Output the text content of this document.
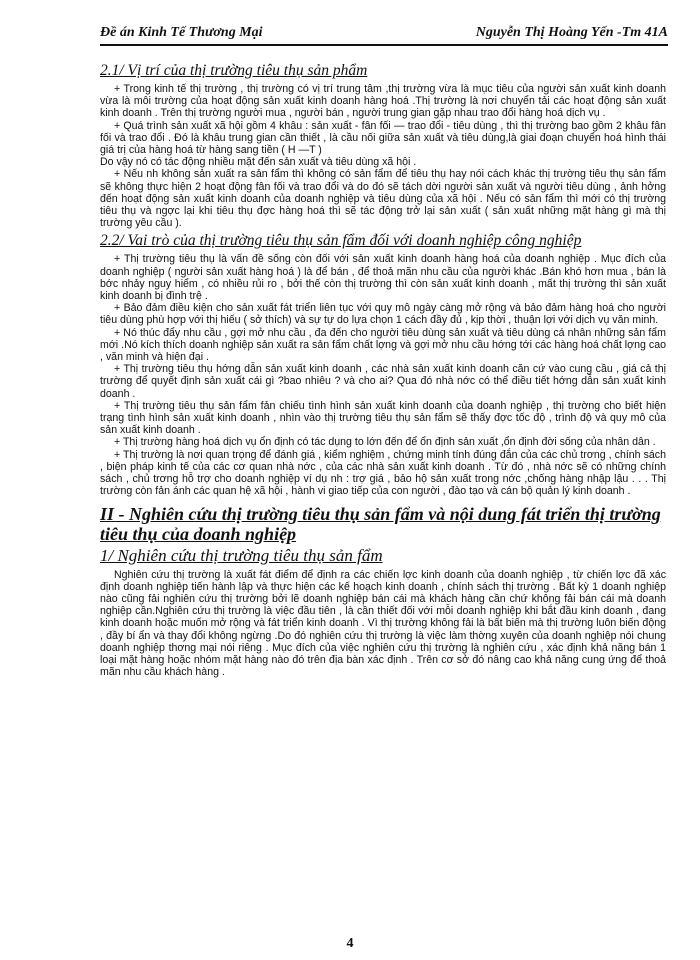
Đề án Kinh Tế Thương Mại	Nguyễn Thị Hoàng Yến -Tm 41A
2.1/ Vị trí của thị trường tiêu thụ sản phẩm

+ Trong kinh tế thị trường , thị trường có vị trí trung tâm ,thị trường vừa là mục tiêu của người sản xuất kinh doanh vừa là môi trường của hoạt động sản xuất kinh doanh hàng hoá .Thị trường là nơi chuyển tải các hoạt động sản xuất kinh doanh . Trên thị trường người mua , người bán , người trung gian gặp nhau trao đổi hàng hoá dịch vụ .

+ Quá trình sản xuất xã hội gồm 4 khâu : sản xuất - fân fối — trao đổi - tiêu dùng , thì thị trường bao gồm 2 khâu fân fối và trao đổi . Đó là khâu trung gian cần thiết , là cầu nối giữa sản xuất và tiêu dùng,là giai đoạn chuyển hoá hình thái giá trị của hàng hoá từ hàng sang tiền ( H —T )

Do vậy nó có tác động nhiều mặt đến sản xuất và tiêu dùng xã hội .

+ Nếu nh không sản xuất ra sản fẩm thì không có sản fẩm để tiêu thụ hay nói cách khác thị trường tiêu thụ sản fẩm sẽ không thực hiện 2 hoạt động fân fối và trao đổi và do đó sẽ tách dời người sản xuất và người tiêu dùng , ảnh hởng đến hoạt động sản xuất kinh doanh của doanh nghiệp và tiêu dùng của xã hội . Nếu có sản fẩm thì mới có thị trường tiêu thụ và ngợc lại khi tiêu thụ đợc hàng hoá thì sẽ tác động trở lại sản xuất ( sản xuất những mặt hàng gì mà thị trường yêu cầu ).

2.2/ Vai trò của thị trường tiêu thụ sản fẩm đối với doanh nghiệp công nghiệp

+ Thị trường tiêu thụ là vấn đề sống còn đối với sản xuất kinh doanh hàng hoá của doanh nghiệp . Mục đích của doanh nghiệp ( người sản xuất hàng hoá ) là để bán , để thoả mãn nhu cầu của người khác .Bán khó hơn mua , bán là bớc nhảy nguy hiểm , có nhiều rủi ro , bởi thế còn thị trường thì còn sản xuất kinh doanh , mất thị trường thì sản xuất kinh doanh bị đình trệ .

+ Bảo đảm điều kiện cho sản xuất fát triển liên tục với quy mô ngày càng mở rộng và bảo đảm hàng hoá cho người tiêu dùng phù hợp với thị hiếu ( sở thích) và sự tự do lựa chọn 1 cách đầy đủ , kịp thời , thuận lợi với dịch vụ văn minh.

+ Nó thúc đẩy nhu cầu , gợi mở nhu cầu , đa đến cho người tiêu dùng sản xuất và tiêu dùng cá nhân những sản fẩm mới .Nó kích thích doanh nghiệp sản xuất ra sản fẩm chất lợng và gợi mở nhu cầu hớng tới các hàng hoá chất lợng cao , văn minh và hiện đại .

+ Thị trường tiêu thụ hớng dẫn sản xuất kinh doanh , các nhà sản xuất kinh doanh căn cứ vào cung cầu , giá cả thị trường để quyết định sản xuất cái gì ?bao nhiêu ? và cho ai? Qua đó nhà nớc có thể điều tiết hớng dẫn sản xuất kinh doanh .

+ Thị trường tiêu thụ sản fẩm fản chiếu tình hình sản xuất kinh doanh của doanh nghiệp , thị trường cho biết hiện trạng tình hình sản xuất kinh doanh , nhìn vào thị trường tiêu thụ sản fẩm sẽ thấy đợc tốc độ , trình độ và quy mô của sản xuất kinh doanh .

+ Thị trường hàng hoá dịch vụ ổn định có tác dụng to lớn đến để ổn định sản xuất ,ổn định đời sống của nhân dân .

+ Thị trường là nơi quan trọng để đánh giá , kiểm nghiệm , chứng minh tính đúng đắn của các chủ trơng , chính sách , biện pháp kinh tế của các cơ quan nhà nớc , của các nhà sản xuất kinh doanh . Từ đó , nhà nớc sẽ có những chính sách , chủ trơng hỗ trợ cho doanh nghiệp ví dụ nh : trợ giá , bảo hộ sản xuất trong nớc ,chống hàng nhập lậu . . . Thị trường còn fản ánh các quan hệ xã hội , hành vi giao tiếp của con người , đào tạo và cán bộ quản lý kinh doanh .

II - Nghiên cứu thị trường tiêu thụ sản fẩm và nội dung fát triển thị trường tiêu thụ của doanh nghiệp
1/ Nghiên cứu thị trường tiêu thụ sản fẩm

Nghiên cứu thị trường là xuất fát điểm để định ra các chiến lợc kinh doanh của doanh nghiệp , từ chiến lợc đã xác định doanh nghiệp tiến hành lập và thực hiện các kế hoạch kinh doanh , chính sách thị trường . Bất kỳ 1 doanh nghiệp nào cũng fải nghiên cứu thị trường bởi lẽ doanh nghiệp bán cái mà khách hàng cần chứ không fải bán cái mà doanh nghiệp cần.Nghiên cứu thị trường là việc đầu tiên , là cần thiết đối với mỗi doanh nghiệp khi bắt đầu kinh doanh , đang kinh doanh hoặc muốn mở rộng và fát triển kinh doanh . Vì thị trường không fải là bất biến mà thị trường luôn biến động , đầy bí ẩn và thay đổi không ngừng .Do đó nghiên cứu thị trường là việc làm thờng xuyên của doanh nghiệp nói chung doanh nghiệp thơng mại nói riêng . Mục đích của việc nghiên cứu thị trường là nghiên cứu , xác định khả năng bán 1 loại mặt hàng hoặc nhóm mặt hàng nào đó trên địa bàn xác định . Trên cơ sở đó nâng cao khả năng cung ứng để thoả mãn nhu cầu khách hàng .

4
